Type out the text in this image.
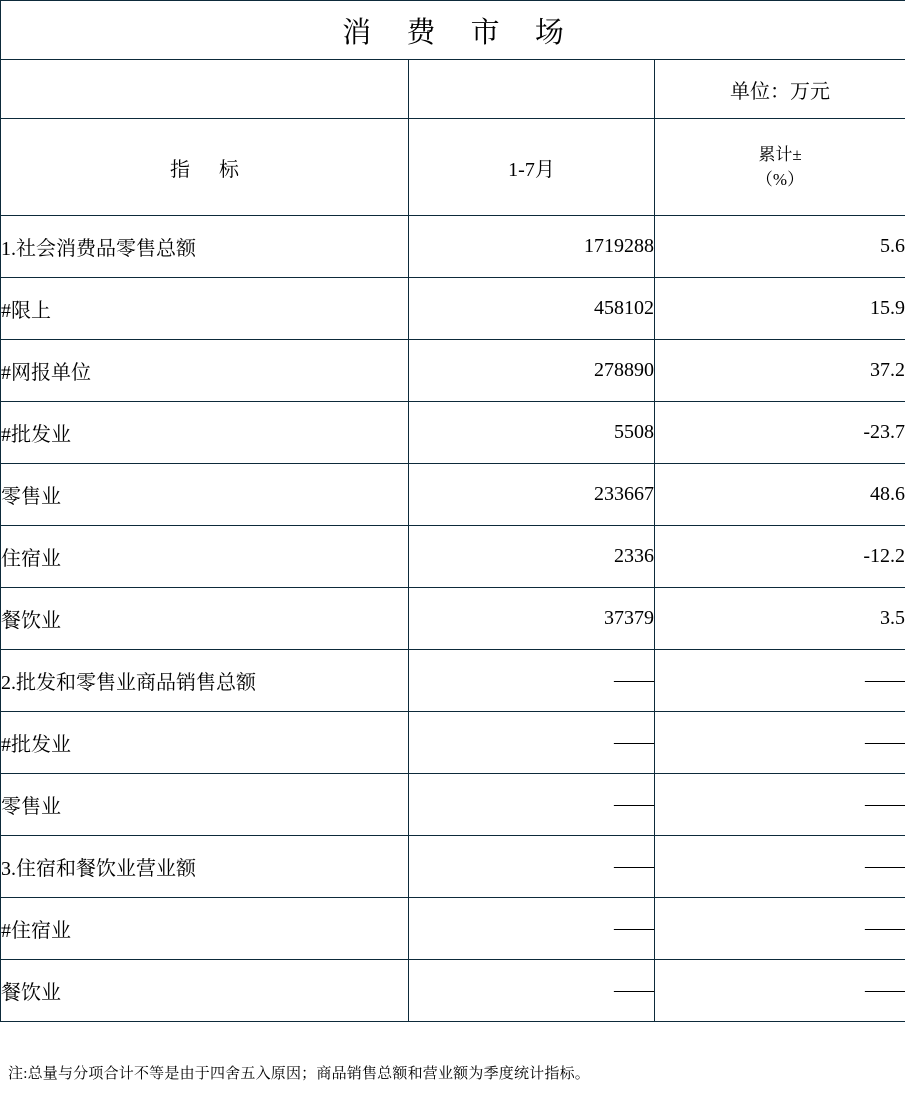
消 费 市 场		

		单位：万元
指 标	1-7月	累计±
（%）

1.社会消费品零售总额	1719288	5.6
#限上	458102	15.9
#网报单位	278890	37.2
#批发业	5508	-23.7
零售业	233667	48.6
住宿业	2336	-12.2
餐饮业	37379	3.5
2.批发和零售业商品销售总额	——	——
#批发业	——	——
零售业	——	——
3.住宿和餐饮业营业额	——	——
#住宿业	——	——
餐饮业	——	——
注:总量与分项合计不等是由于四舍五入原因；商品销售总额和营业额为季度统计指标。
